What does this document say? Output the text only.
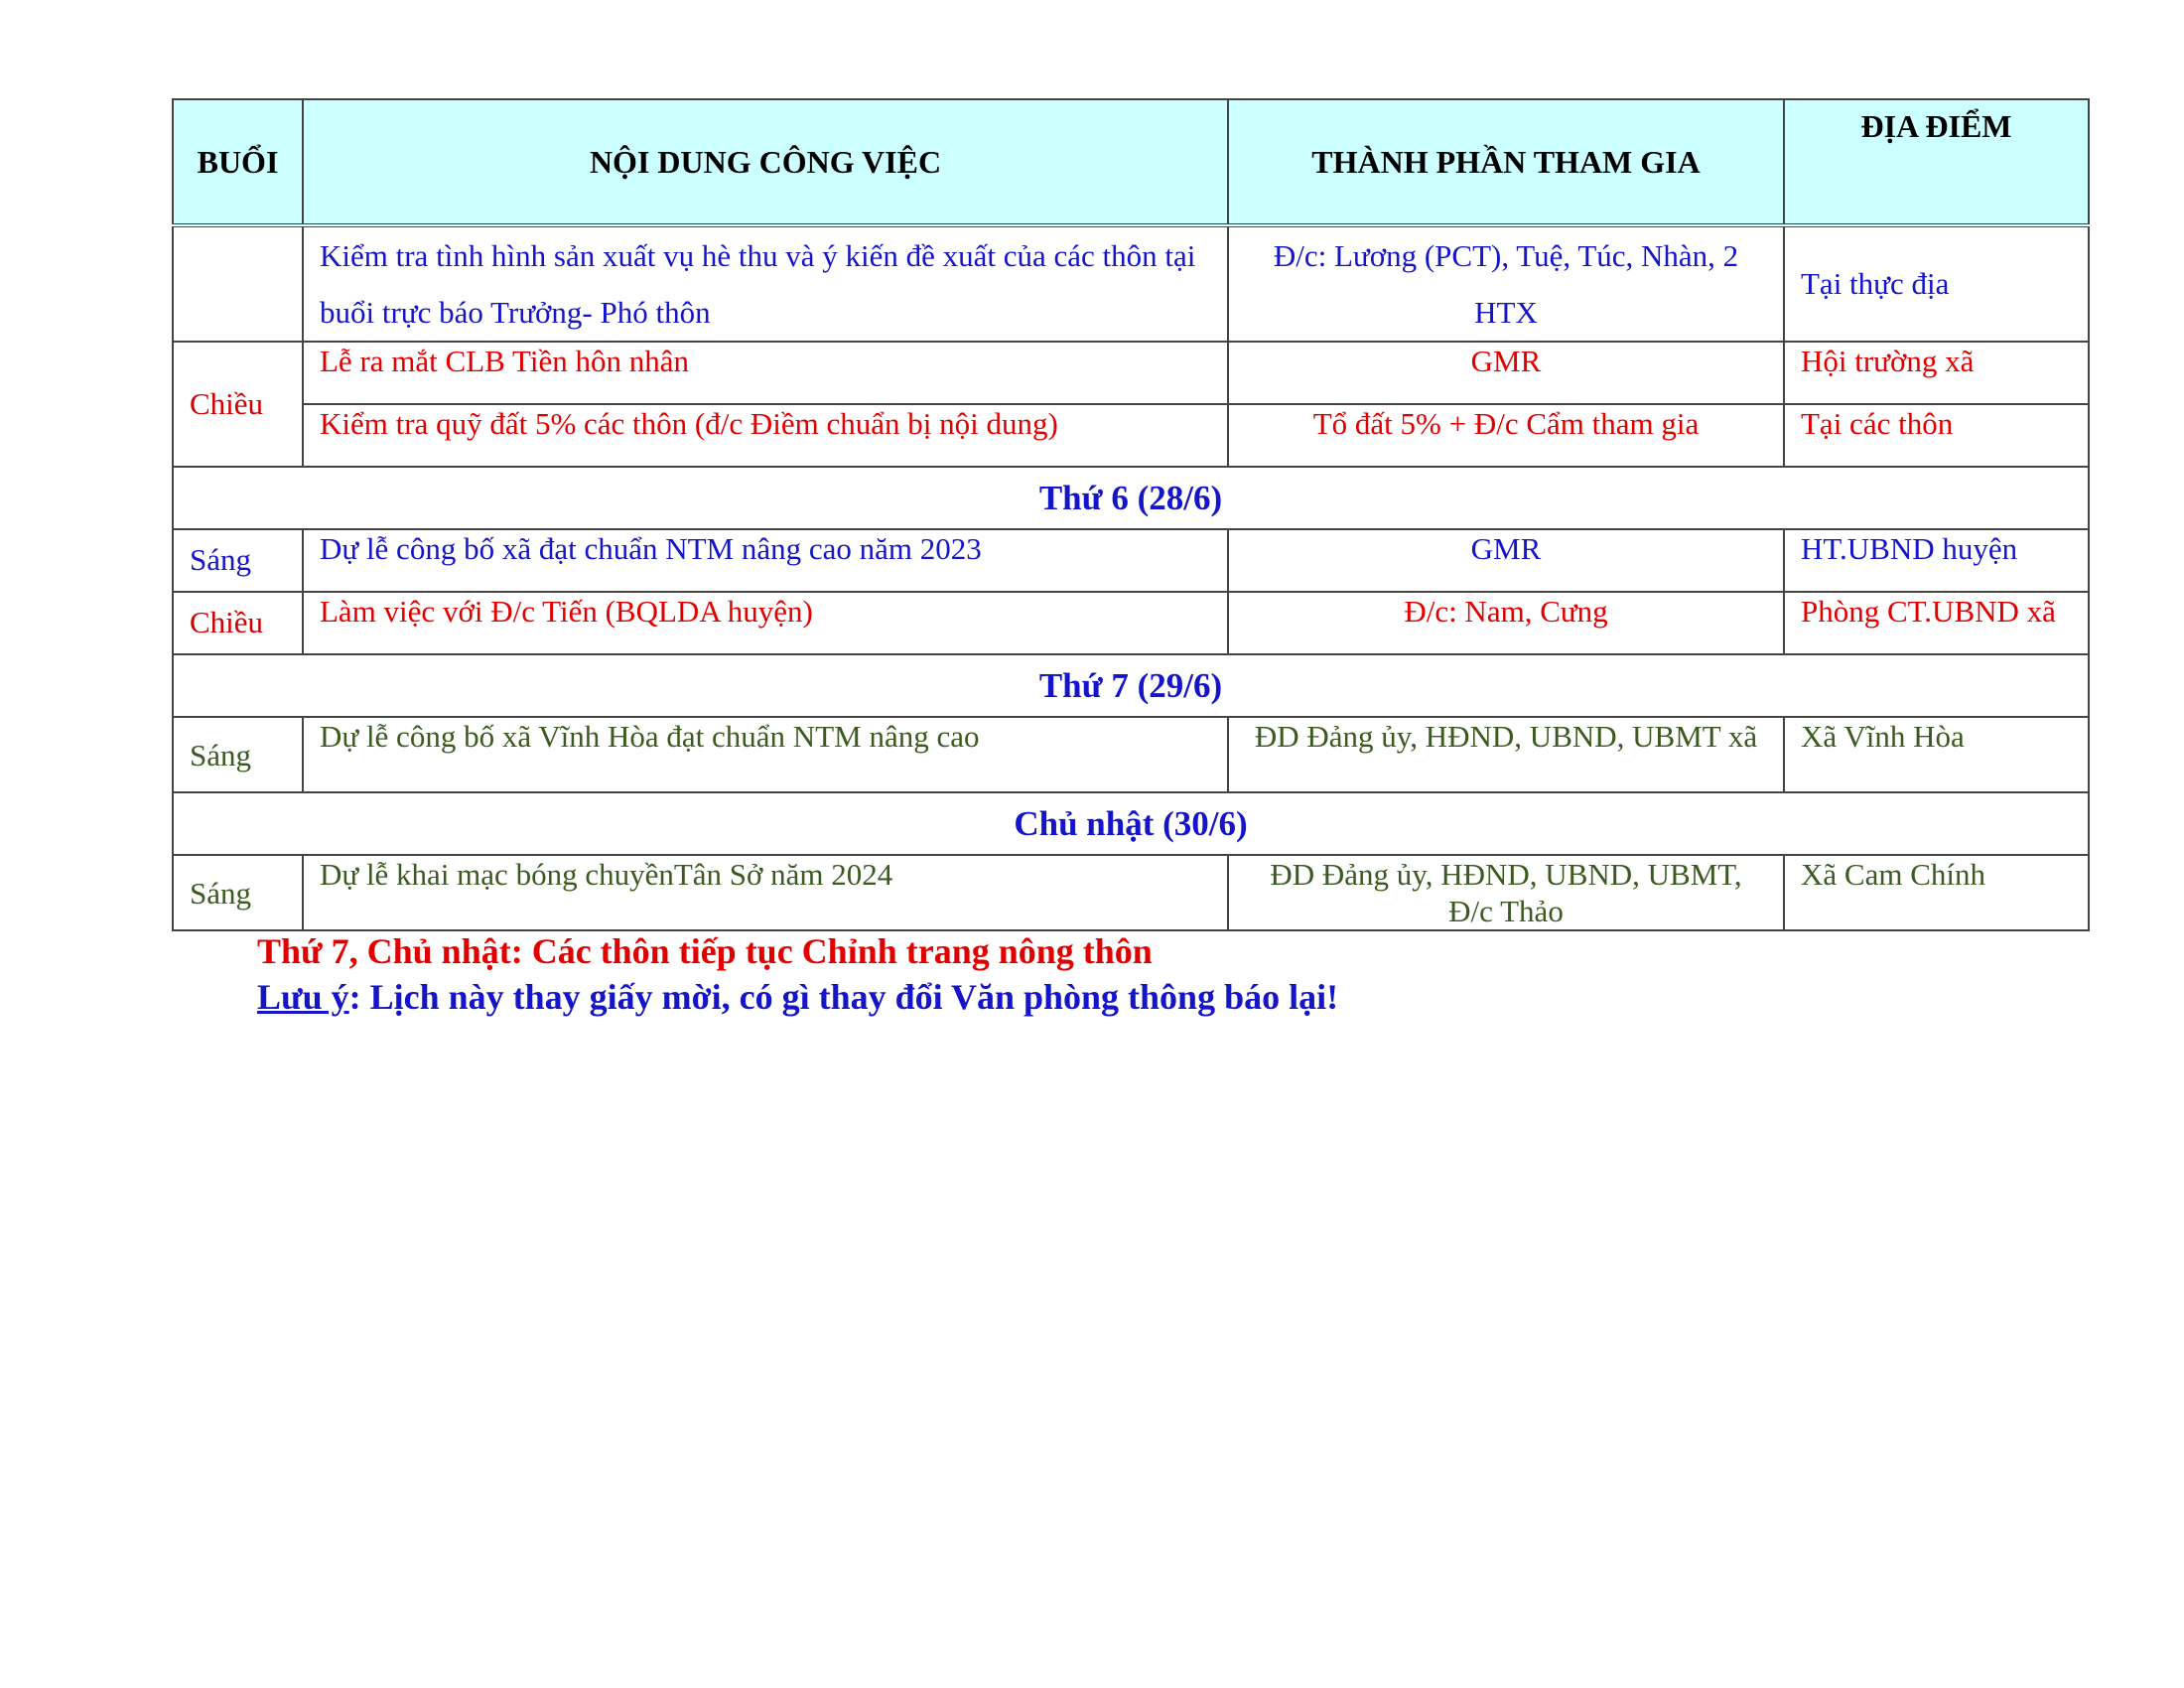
BUỔI	NỘI DUNG CÔNG VIỆC	THÀNH PHẦN THAM GIA	ĐỊA ĐIỂM
	Kiểm tra tình hình sản xuất vụ hè thu và ý kiến đề xuất của các thôn tại buổi trực báo Trưởng- Phó thôn	Đ/c: Lương (PCT), Tuệ, Túc, Nhàn, 2 HTX	Tại thực địa
Chiều	Lễ ra mắt CLB Tiền hôn nhân	GMR	Hội trường xã
	Kiểm tra quỹ đất 5% các thôn (đ/c Điềm chuẩn bị nội dung)	Tổ đất 5% + Đ/c Cẩm tham gia	Tại các thôn
Thứ 6 (28/6)			
Sáng	Dự lễ công bố xã đạt chuẩn NTM nâng cao năm 2023	GMR	HT.UBND huyện
Chiều	Làm việc với Đ/c Tiến (BQLDA huyện)	Đ/c: Nam, Cưng	Phòng CT.UBND xã
Thứ 7 (29/6)			
Sáng	Dự lễ công bố xã Vĩnh Hòa đạt chuẩn NTM nâng cao	ĐD Đảng ủy, HĐND, UBND, UBMT xã	Xã Vĩnh Hòa
Chủ nhật (30/6)			
Sáng	Dự lễ khai mạc bóng chuyềnTân Sở năm 2024	ĐD Đảng ủy, HĐND, UBND, UBMT, Đ/c Thảo	Xã Cam Chính
Thứ 7, Chủ nhật: Các thôn tiếp tục Chỉnh trang nông thôn
Lưu ý: Lịch này thay giấy mời, có gì thay đổi Văn phòng thông báo lại!
